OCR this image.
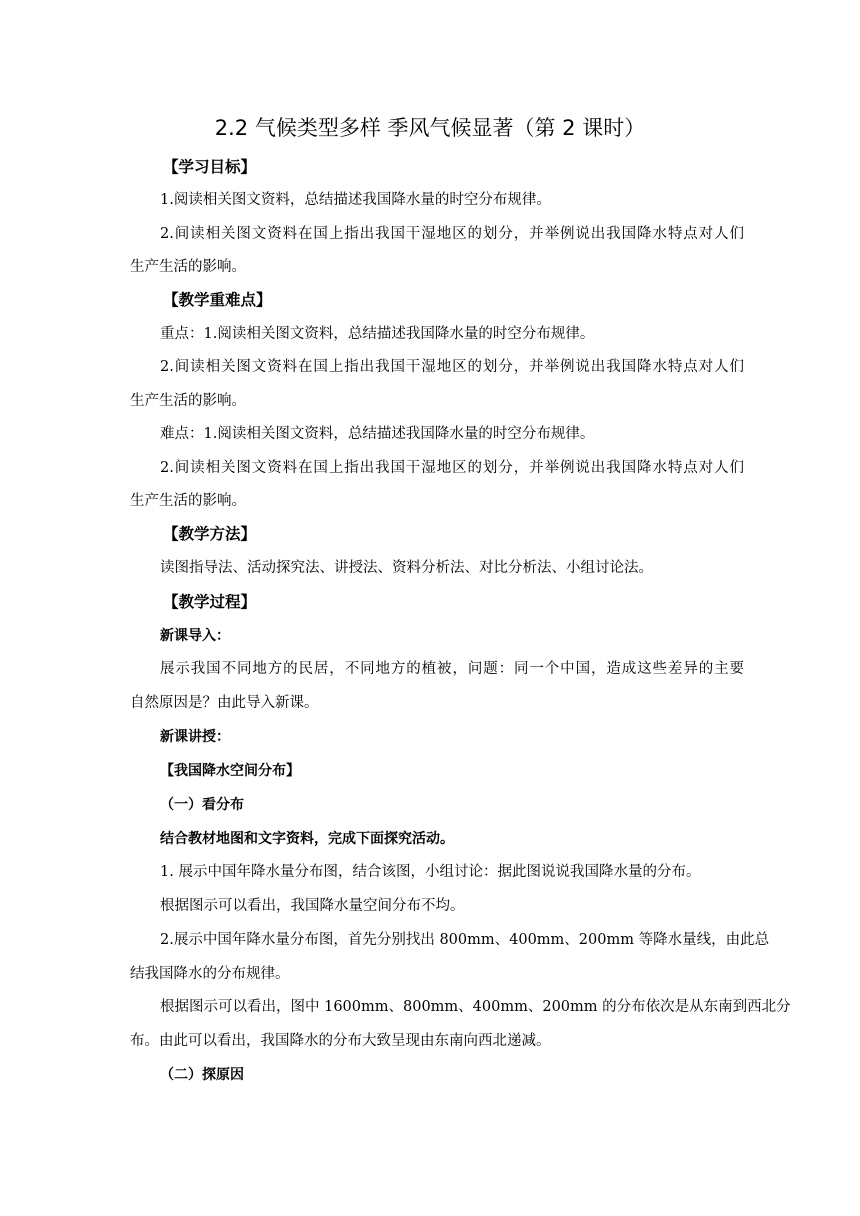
2.2 气候类型多样 季风气候显著（第 2 课时）
【学习目标】
1.阅读相关图文资料，总结描述我国降水量的时空分布规律。
2.间读相关图文资料在国上指出我国干湿地区的划分，并举例说出我国降水特点对人们
生产生活的影响。
【教学重难点】
重点：1.阅读相关图文资料，总结描述我国降水量的时空分布规律。
2.间读相关图文资料在国上指出我国干湿地区的划分，并举例说出我国降水特点对人们
生产生活的影响。
难点：1.阅读相关图文资料，总结描述我国降水量的时空分布规律。
2.间读相关图文资料在国上指出我国干湿地区的划分，并举例说出我国降水特点对人们
生产生活的影响。
【教学方法】
读图指导法、活动探究法、讲授法、资料分析法、对比分析法、小组讨论法。
【教学过程】
新课导入：
展示我国不同地方的民居，不同地方的植被，问题：同一个中国，造成这些差异的主要
自然原因是？由此导入新课。
新课讲授：
【我国降水空间分布】
（一）看分布
结合教材地图和文字资料，完成下面探究活动。
1. 展示中国年降水量分布图，结合该图，小组讨论：据此图说说我国降水量的分布。
根据图示可以看出，我国降水量空间分布不均。
2.展示中国年降水量分布图，首先分别找出 800mm、400mm、200mm 等降水量线，由此总
结我国降水的分布规律。
根据图示可以看出，图中 1600mm、800mm、400mm、200mm 的分布依次是从东南到西北分
布。由此可以看出，我国降水的分布大致呈现由东南向西北递减。
（二）探原因
